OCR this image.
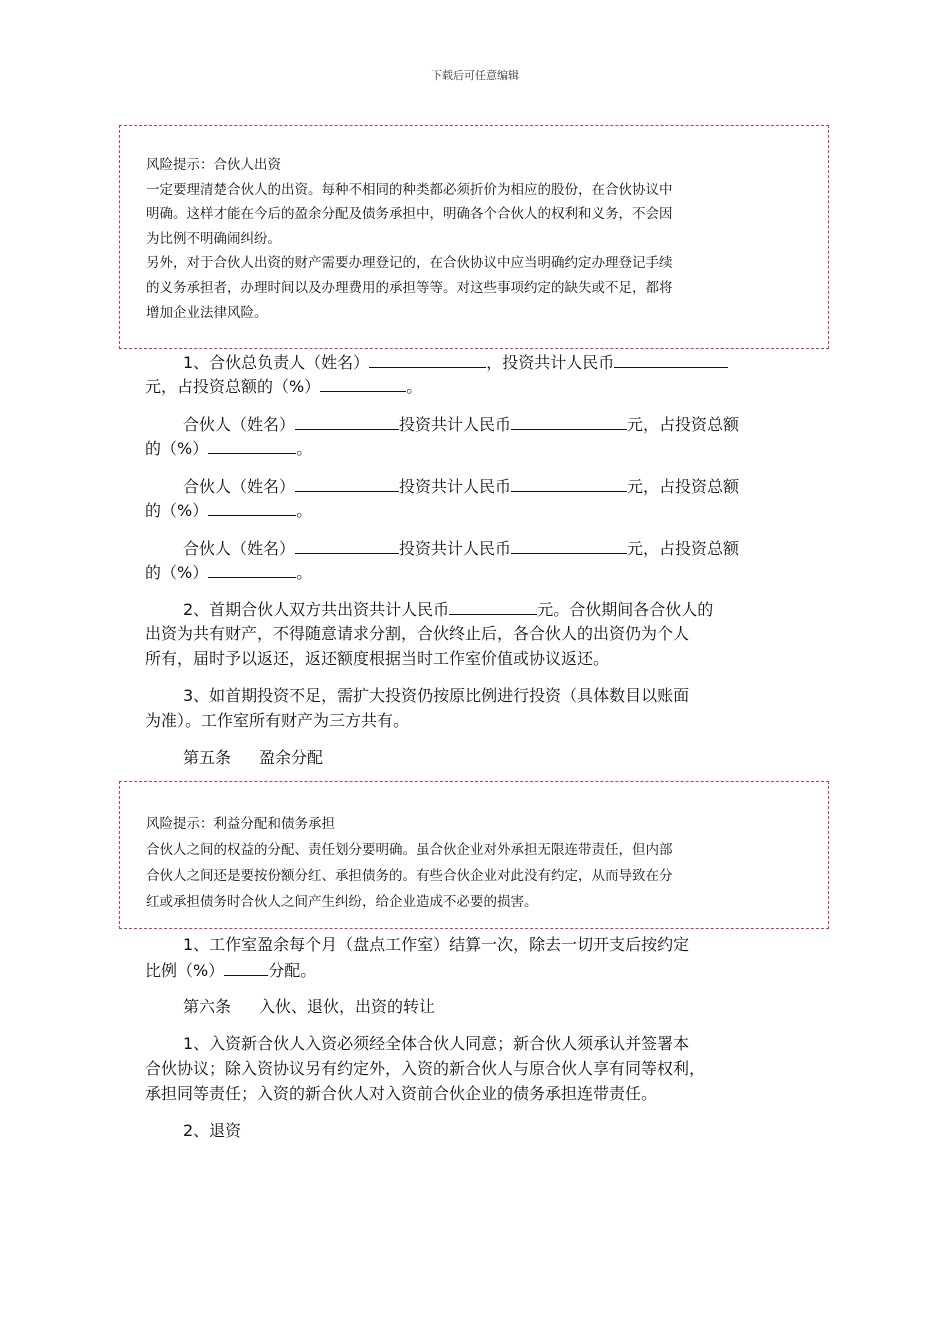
下载后可任意编辑
风险提示：合伙人出资
一定要理清楚合伙人的出资。每种不相同的种类都必须折价为相应的股份，在合伙协议中
明确。这样才能在今后的盈余分配及债务承担中，明确各个合伙人的权利和义务，不会因
为比例不明确闹纠纷。
另外，对于合伙人出资的财产需要办理登记的，在合伙协议中应当明确约定办理登记手续
的义务承担者，办理时间以及办理费用的承担等等。对这些事项约定的缺失或不足，都将
增加企业法律风险。
1、合伙总负责人（姓名）	，投资共计人民币
元，占投资总额的（%）	。
合伙人（姓名）	投资共计人民币	元，占投资总额
的（%）	。
合伙人（姓名）	投资共计人民币	元，占投资总额
的（%）	。
合伙人（姓名）	投资共计人民币	元，占投资总额
的（%）	。
2、首期合伙人双方共出资共计人民币	元。合伙期间各合伙人的
出资为共有财产，不得随意请求分割，合伙终止后，各合伙人的出资仍为个人
所有，届时予以返还，返还额度根据当时工作室价值或协议返还。
3、如首期投资不足，需扩大投资仍按原比例进行投资（具体数目以账面
为准）。工作室所有财产为三方共有。
第五条 盈余分配
风险提示：利益分配和债务承担
合伙人之间的权益的分配、责任划分要明确。虽合伙企业对外承担无限连带责任，但内部
合伙人之间还是要按份额分红、承担债务的。有些合伙企业对此没有约定，从而导致在分
红或承担债务时合伙人之间产生纠纷，给企业造成不必要的损害。
1、工作室盈余每个月（盘点工作室）结算一次，除去一切开支后按约定
比例（%）	分配。
第六条 入伙、退伙，出资的转让
1、入资新合伙人入资必须经全体合伙人同意；新合伙人须承认并签署本
合伙协议；除入资协议另有约定外，入资的新合伙人与原合伙人享有同等权利，
承担同等责任；入资的新合伙人对入资前合伙企业的债务承担连带责任。
2、退资
